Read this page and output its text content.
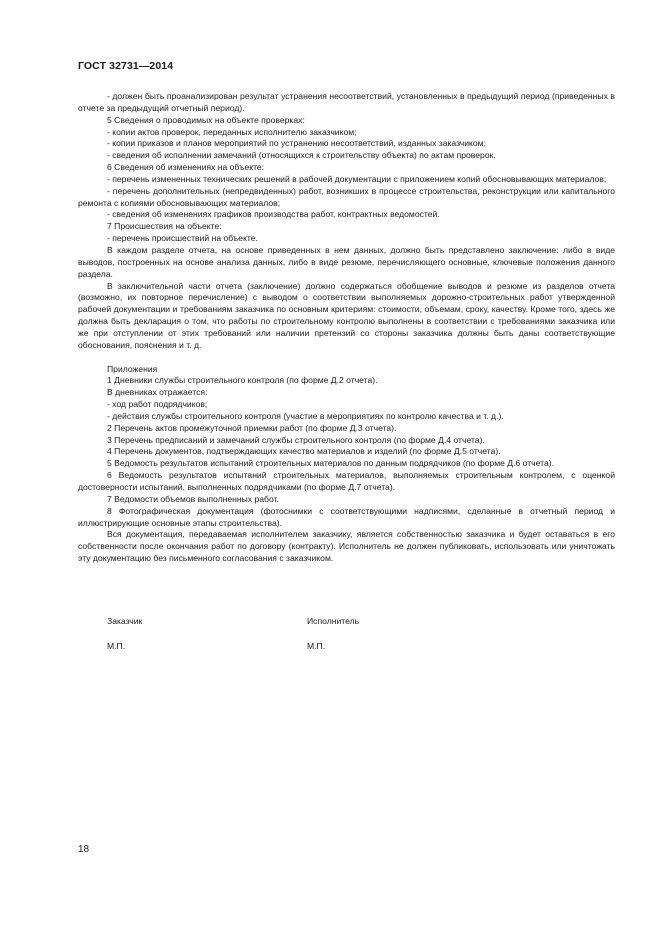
ГОСТ 32731—2014

- должен быть проанализирован результат устранения несоответствий, установленных в предыдущий период (приведенных в отчете за предыдущий отчетный период).

5 Сведения о проводимых на объекте проверках:

- копии актов проверок, переданных исполнителю заказчиком;

- копии приказов и планов мероприятий по устранению несоответствий, изданных заказчиком;

- сведения об исполнении замечаний (относящихся к строительству объекта) по актам проверок.

6 Сведения об изменениях на объекте:

- перечень измененных технических решений в рабочей документации с приложением копий обосновывающих материалов;

- перечень дополнительных (непредвиденных) работ, возникших в процессе строительства, реконструкции или капитального ремонта с копиями обосновывающих материалов;

- сведения об изменениях графиков производства работ, контрактных ведомостей.

7 Происшествия на объекте:

- перечень происшествий на объекте.

В каждом разделе отчета, на основе приведенных в нем данных, должно быть представлено заключение: либо в виде выводов, построенных на основе анализа данных, либо в виде резюме, перечисляющего основные, ключевые положения данного раздела.

В заключительной части отчета (заключение) должно содержаться обобщение выводов и резюме из разделов отчета (возможно, их повторное перечисление) с выводом о соответствии выполняемых дорожно-строительных работ утвержденной рабочей документации и требованиям заказчика по основным критериям: стоимости, объемам, сроку, качеству. Кроме того, здесь же должна быть декларация о том, что работы по строительному контролю выполнены в соответствии с требованиями заказчика или же при отступлении от этих требований или наличии претензий со стороны заказчика должны быть даны соответствующие обоснования, пояснения и т. д.

Приложения

1 Дневники службы строительного контроля (по форме Д.2 отчета).

В дневниках отражается:

- ход работ подрядчиков;

- действия службы строительного контроля (участие в мероприятиях по контролю качества и т. д.).

2 Перечень актов промежуточной приемки работ (по форме Д.3 отчета).

3 Перечень предписаний и замечаний службы строительного контроля (по форме Д.4 отчета).

4 Перечень документов, подтверждающих качество материалов и изделий (по форме Д.5 отчета).

5 Ведомость результатов испытаний строительных материалов по данным подрядчиков (по форме Д.6 отчета).

6 Ведомость результатов испытаний строительных материалов, выполняемых строительным контролем, с оценкой достоверности испытаний, выполненных подрядчиками (по форме Д.7 отчета).

7 Ведомости объемов выполненных работ.

8 Фотографическая документация (фотоснимки с соответствующими надписями, сделанные в отчетный период и иллюстрирующие основные этапы строительства).

Вся документация, передаваемая исполнителем заказчику, является собственностью заказчика и будет оставаться в его собственности после окончания работ по договору (контракту). Исполнитель не должен публиковать, использовать или уничтожать эту документацию без письменного согласования с заказчиком.

Заказчик	Исполнитель
М.П.	М.П.
18
